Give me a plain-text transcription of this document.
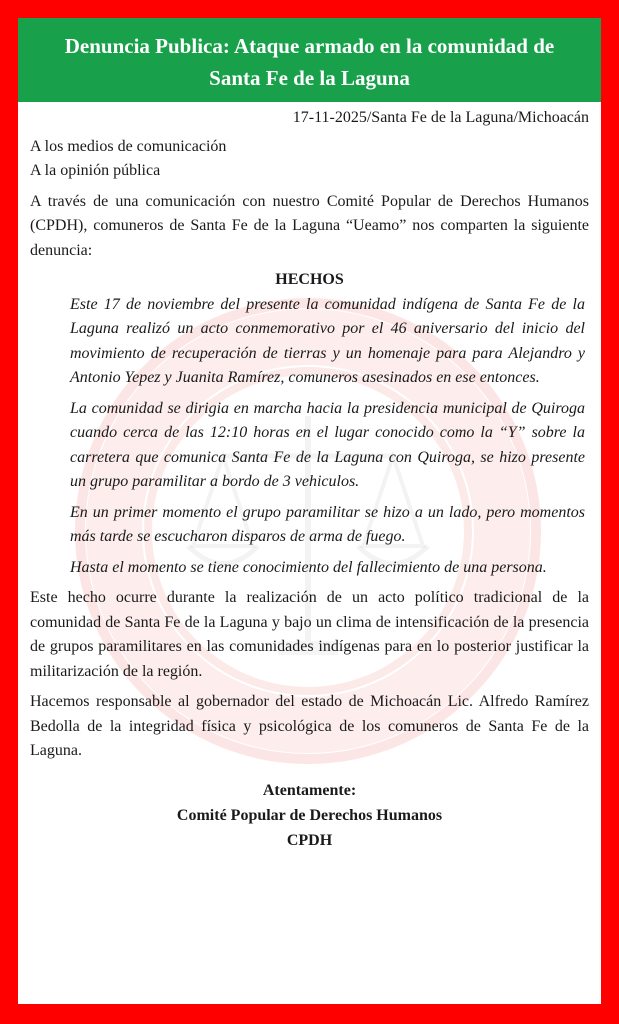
Denuncia Publica: Ataque armado en la comunidad de
Santa Fe de la Laguna
17-11-2025/Santa Fe de la Laguna/Michoacán

A los medios de comunicación

A la opinión pública

A través de una comunicación con nuestro Comité Popular de Derechos Humanos (CPDH), comuneros de Santa Fe de la Laguna “Ueamo” nos comparten la siguiente denuncia:

HECHOS

Este 17 de noviembre del presente la comunidad indígena de Santa Fe de la Laguna realizó un acto conmemorativo por el 46 aniversario del inicio del movimiento de recuperación de tierras y un homenaje para para Alejandro y Antonio Yepez y Juanita Ramírez, comuneros asesinados en ese entonces.

La comunidad se dirigia en marcha hacia la presidencia municipal de Quiroga cuando cerca de las 12:10 horas en el lugar conocido como la “Y” sobre la carretera que comunica Santa Fe de la Laguna con Quiroga, se hizo presente un grupo paramilitar a bordo de 3 vehiculos.

En un primer momento el grupo paramilitar se hizo a un lado, pero momentos más tarde se escucharon disparos de arma de fuego.

Hasta el momento se tiene conocimiento del fallecimiento de una persona.

Este hecho ocurre durante la realización de un acto político tradicional de la comunidad de Santa Fe de la Laguna y bajo un clima de intensificación de la presencia de grupos paramilitares en las comunidades indígenas para en lo posterior justificar la militarización de la región.

Hacemos responsable al gobernador del estado de Michoacán Lic. Alfredo Ramírez Bedolla de la integridad física y psicológica de los comuneros de Santa Fe de la Laguna.

Atentamente:
Comité Popular de Derechos Humanos
CPDH
